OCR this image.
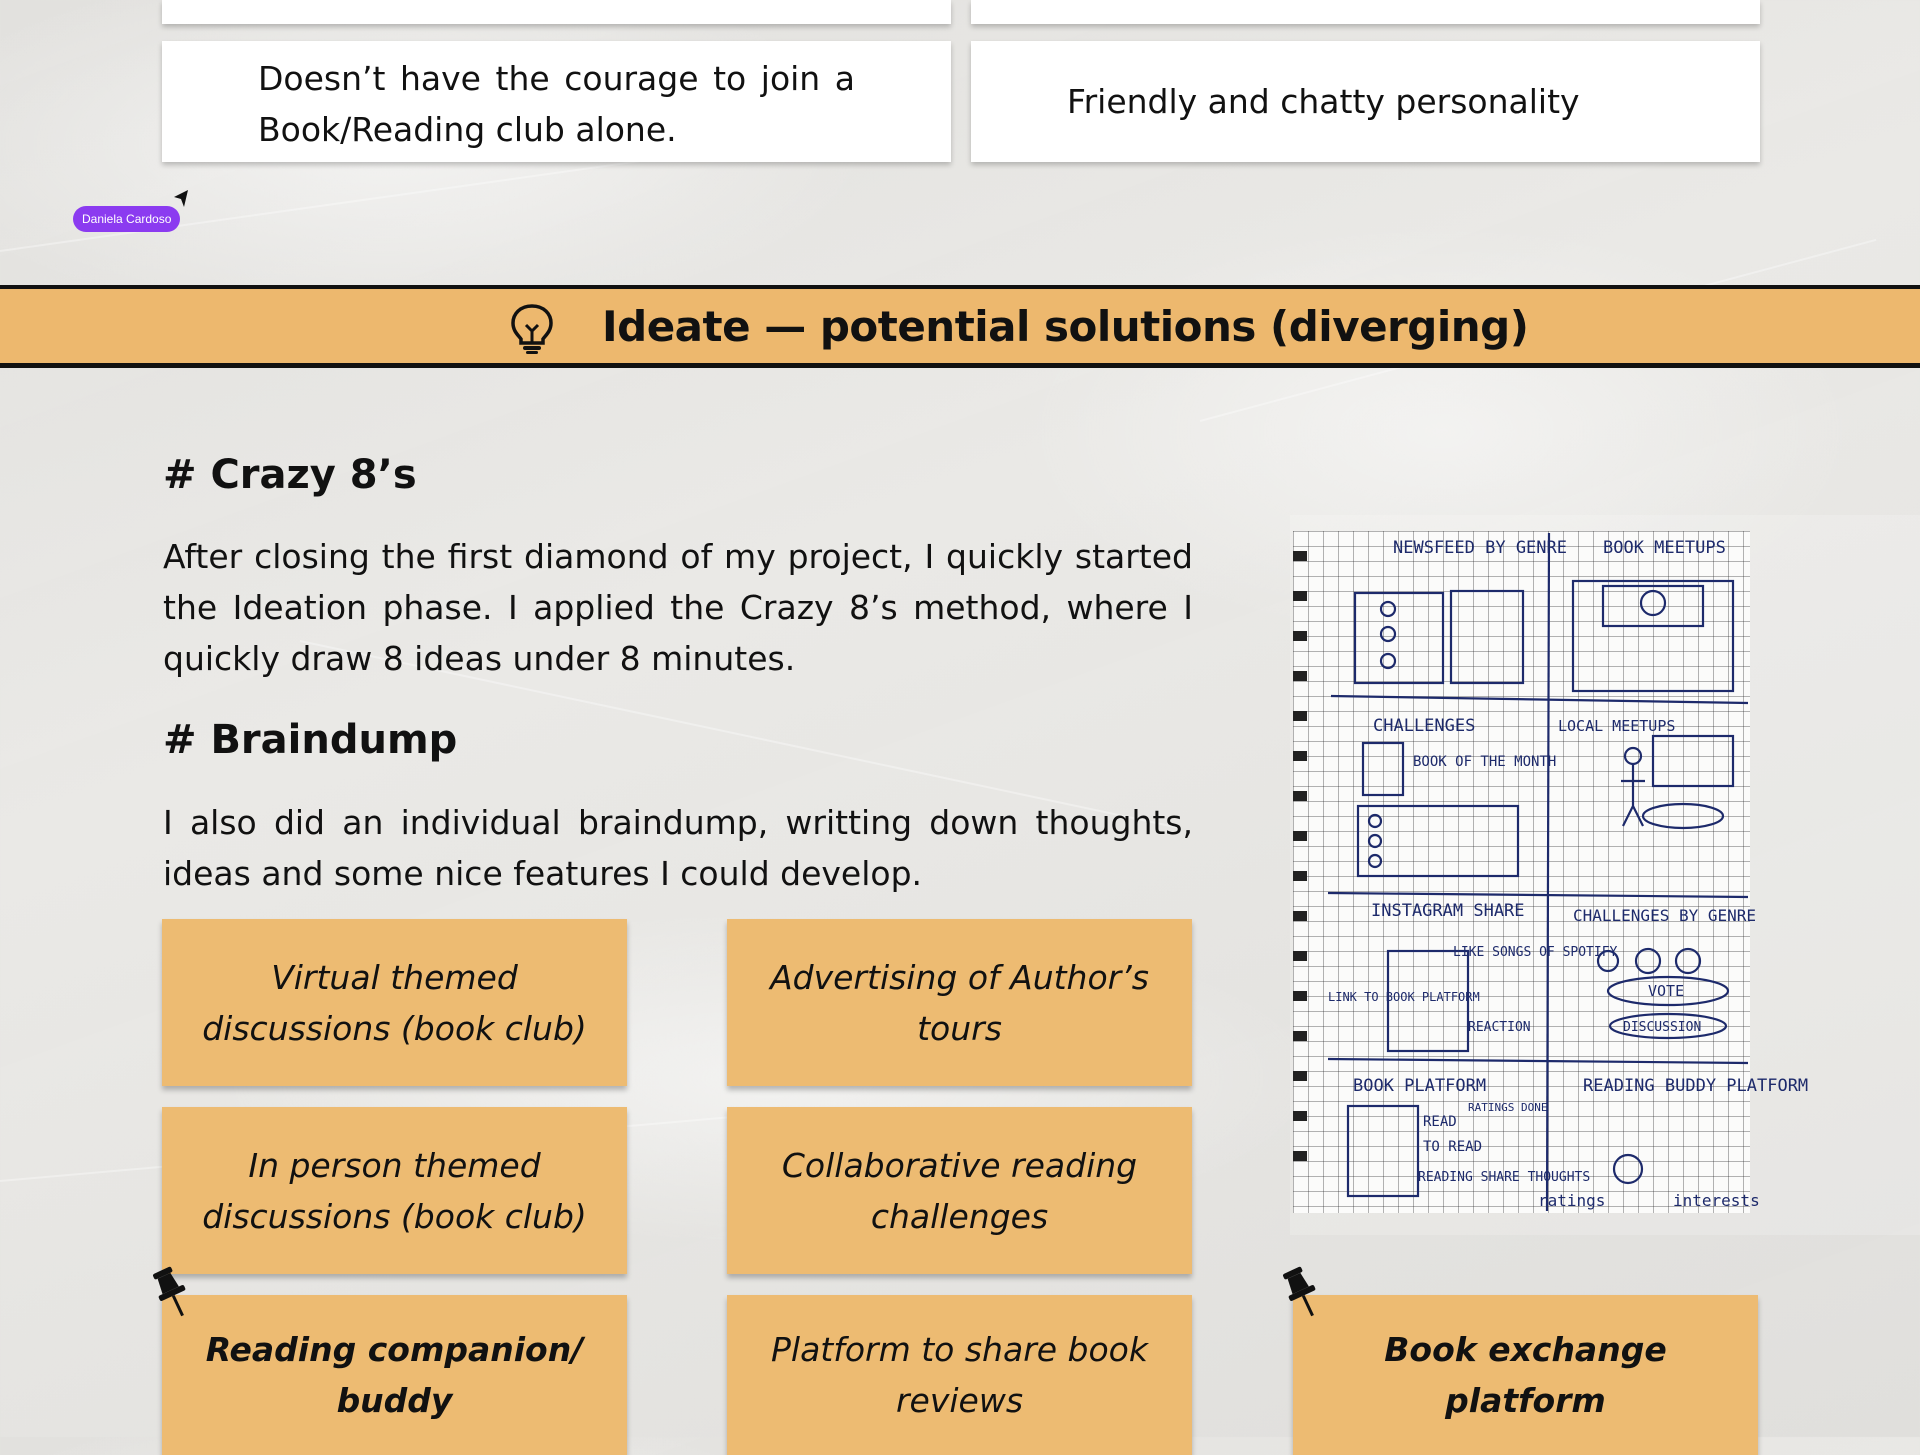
Doesn’t have the courage to join a Book/Reading club alone.
Friendly and chatty personality
Daniela Cardoso
Ideate — potential solutions (diverging)
# Crazy 8’s
After closing the first diamond of my project, I quickly started the Ideation phase. I applied the Crazy 8’s method, where I quickly draw 8 ideas under 8 minutes.
# Braindump
I also did an individual braindump, writting down thoughts, ideas and some nice features I could develop.
NEWSFEED BY GENRE BOOK MEETUPS
CHALLENGES
BOOK OF THE MONTH
LOCAL MEETUPS
INSTAGRAM SHARE
LIKE SONGS OF SPOTIFY
REACTION
LINK TO BOOK PLATFORM
CHALLENGES BY GENRE
VOTE
DISCUSSION
BOOK PLATFORM
READ
TO READ
RATINGS DONE
READING SHARE THOUGHTS
READING BUDDY PLATFORM
ratings	interests
Virtual themed discussions (book club)
Advertising of Author’s tours
In person themed discussions (book club)
Collaborative reading challenges
Reading companion/ buddy
Platform to share book reviews
Book exchange platform
